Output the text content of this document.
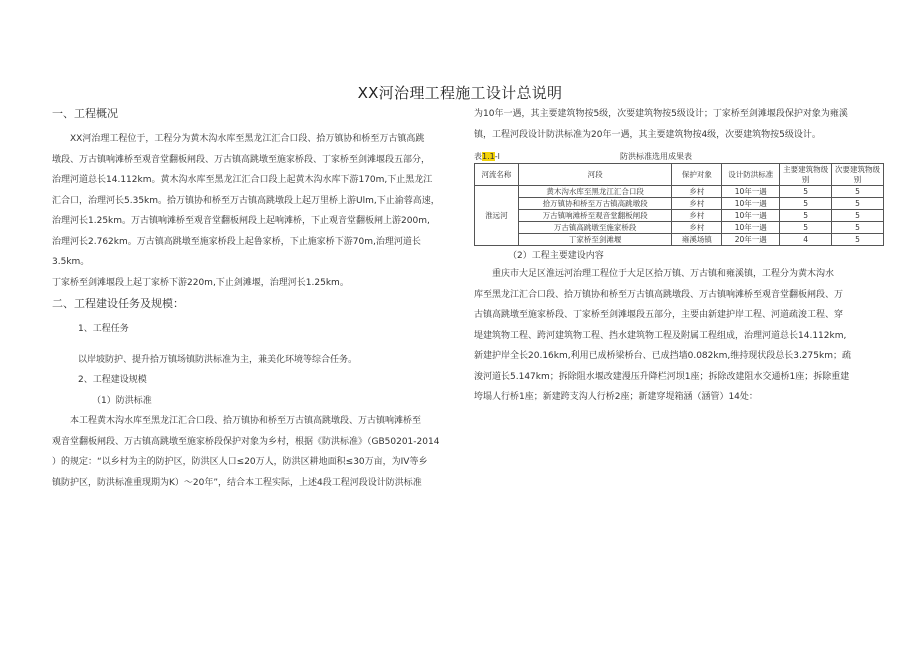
XX河治理工程施工设计总说明
一、工程概况
XX河治理工程位于，工程分为黄木沟水库至黑龙江汇合口段、拾万镇协和桥至万古镇高跳
墩段、万古镇响滩桥至观音堂翻板闸段、万古镇高跳墩至施家桥段、丁家桥至剑滩堰段五部分，
治理河道总长14.112km。黄木沟水库至黑龙江汇合口段上起黄木沟水库下游170m,下止黑龙江
汇合口，治理河长5.35km。拾万镇协和桥至万古镇高跳墩段上起万里桥上游Ulm,下止渝蓉高速，
治理河长1.25km。万古镇响滩桥至观音堂翻板闸段上起响滩桥，下止观音堂翻板闸上游200m,
治理河长2.762km。万古镇高跳墩至施家桥段上起鲁家桥，下止施家桥下游70m,治理河道长
3.5km。
丁家桥至剑滩堰段上起丁家桥下游220m,下止剑滩堰，治理河长1.25km。
二、工程建设任务及规模：
1、工程任务
以岸坡防护、提升拾万镇场镇防洪标准为主，兼美化环境等综合任务。
2、工程建设规模
（1）防洪标准
本工程黄木沟水库至黑龙江汇合口段、拾万镇协和桥至万古镇高跳墩段、万古镇响滩桥至
观音堂翻板闸段、万古镇高跳墩至施家桥段保护对象为乡村，根据《防洪标准》（GB50201-2014
）的规定：“以乡村为主的防护区，防洪区人口≤20万人，防洪区耕地面积≤30万亩，为IV等乡
镇防护区，防洪标准重现期为K）～20年”，结合本工程实际，上述4段工程河段设计防洪标准
为10年一遇，其主要建筑物按5级，次要建筑物按5级设计；丁家桥至剑滩堰段保护对象为雍溪
镇，工程河段设计防洪标准为20年一遇，其主要建筑物按4级，次要建筑物按5级设计。
表1.1-l	防洪标准选用成果表
河流名称	河段	保护对象	设计防洪标准	主要建筑物级别	次要建筑物级别
淮远河	黄木沟水库至黑龙江汇合口段	乡村	10年一遇	5	5
	拾万镇协和桥至万古镇高跳墩段	乡村	10年一遇	5	5
	万古镇响滩桥至观音堂翻板闸段	乡村	10年一遇	5	5
	万古镇高跳墩至施家桥段	乡村	10年一遇	5	5
	丁家桥至剑滩堰	雍溪场镇	20年一遇	4	5
（2）工程主要建设内容
重庆市大足区淮远河治理工程位于大足区拾万镇、万古镇和雍溪镇，工程分为黄木沟水
库至黑龙江汇合口段、拾万镇协和桥至万古镇高跳墩段、万古镇响滩桥至观音堂翻板闸段、万
古镇高跳墩至施家桥段、丁家桥至剑滩堰段五部分，主要由新建护岸工程、河道疏浚工程、穿
堤建筑物工程、跨河建筑物工程、挡水建筑物工程及附属工程组成，治理河道总长14.112km,
新建护岸全长20.16km,利用已成桥梁桥台、已成挡墙0.082km,维持现状段总长3.275km；疏
浚河道长5.147km；拆除阻水堰改建漫压升降栏河坝1座；拆除改建阻水交通桥1座；拆除重建
垮塌人行桥1座；新建跨支沟人行桥2座；新建穿堤箱涵（涵管）14处：
